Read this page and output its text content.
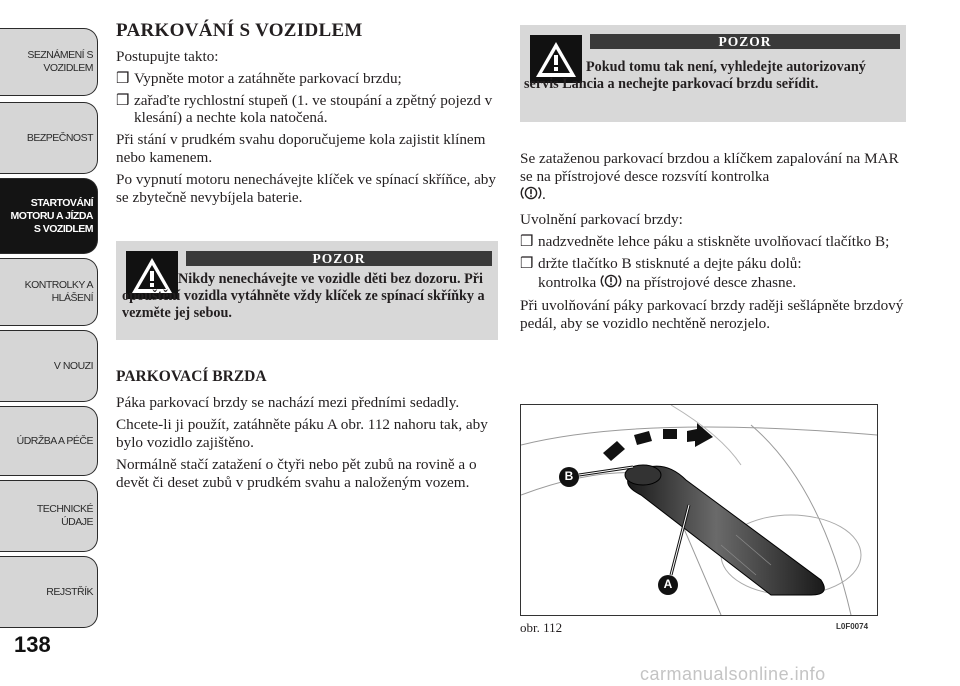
SEZNÁMENÍ S
VOZIDLEM
BEZPEČNOST
STARTOVÁNÍ
MOTORU A JÍZDA
S VOZIDLEM
KONTROLKY A
HLÁŠENÍ
V NOUZI
ÚDRŽBA A PÉČE
TECHNICKÉ
ÚDAJE
REJSTŘÍK
138
PARKOVÁNÍ S VOZIDLEM

Postupujte takto:

❒ Vypněte motor a zatáhněte parkovací brzdu;
❒ zařaďte rychlostní stupeň (1. ve stoupání a zpětný pojezd v klesání) a nechte kola natočená.

Při stání v prudkém svahu doporučujeme kola zajistit klínem nebo kamenem.

Po vypnutí motoru nenechávejte klíček ve spínací skříňce, aby se zbytečně nevybíjela baterie.

POZOR
Nikdy nenechávejte ve vozidle děti bez dozoru. Při opouštění vozidla vytáhněte vždy klíček ze spínací skříňky a vezměte jej sebou.
PARKOVACÍ BRZDA

Páka parkovací brzdy se nachází mezi předními sedadly.

Chcete-li ji použít, zatáhněte páku A obr. 112 nahoru tak, aby bylo vozidlo zajištěno.

Normálně stačí zatažení o čtyři nebo pět zubů na rovině a o devět či deset zubů v prudkém svahu a naloženým vozem.

POZOR
Pokud tomu tak není, vyhledejte autorizovaný servis Lancia a nechejte parkovací brzdu seřídit.

Se zataženou parkovací brzdou a klíčkem zapalování na MAR se na přístrojové desce rozsvítí kontrolka
.

Uvolnění parkovací brzdy:

❒ nadzvedněte lehce páku a stiskněte uvolňovací tlačítko B;
❒ držte tlačítko B stisknuté a dejte páku dolů:
kontrolka na přístrojové desce zhasne.

Při uvolňování páky parkovací brzdy raději sešlápněte brzdový pedál, aby se vozidlo nechtěně nerozjelo.

B
A
obr. 112	L0F0074
carmanualsonline.info
